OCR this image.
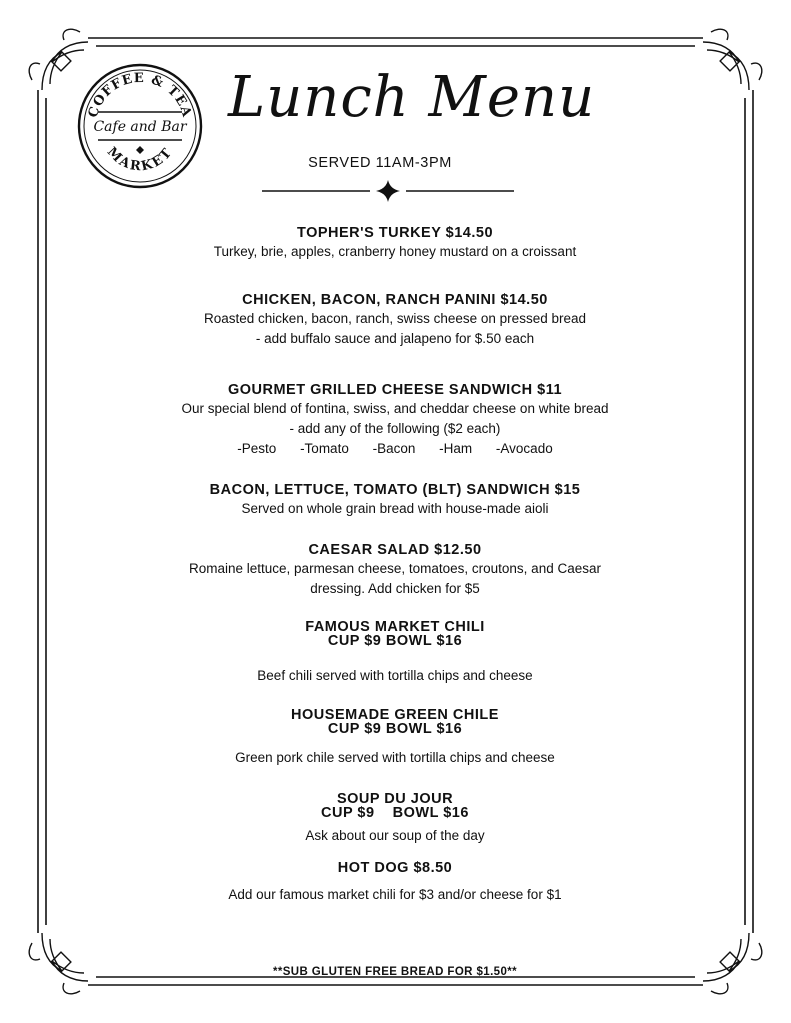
COFFEE & TEA
MARKET
Cafe and Bar Lunch Menu
SERVED 11AM-3PM
TOPHER'S TURKEY $14.50
Turkey, brie, apples, cranberry honey mustard on a croissant
CHICKEN, BACON, RANCH PANINI $14.50
Roasted chicken, bacon, ranch, swiss cheese on pressed bread
- add buffalo sauce and jalapeno for $.50 each
GOURMET GRILLED CHEESE SANDWICH $11
Our special blend of fontina, swiss, and cheddar cheese on white bread
- add any of the following ($2 each)
-Pesto -Tomato -Bacon -Ham -Avocado
BACON, LETTUCE, TOMATO (BLT) SANDWICH $15
Served on whole grain bread with house-made aioli
CAESAR SALAD $12.50
Romaine lettuce, parmesan cheese, tomatoes, croutons, and Caesar
dressing. Add chicken for $5
FAMOUS MARKET CHILI
CUP $9 BOWL $16
Beef chili served with tortilla chips and cheese
HOUSEMADE GREEN CHILE
CUP $9 BOWL $16
Green pork chile served with tortilla chips and cheese
SOUP DU JOUR
CUP $9    BOWL $16
Ask about our soup of the day
HOT DOG $8.50
Add our famous market chili for $3 and/or cheese for $1
**SUB GLUTEN FREE BREAD FOR $1.50**
